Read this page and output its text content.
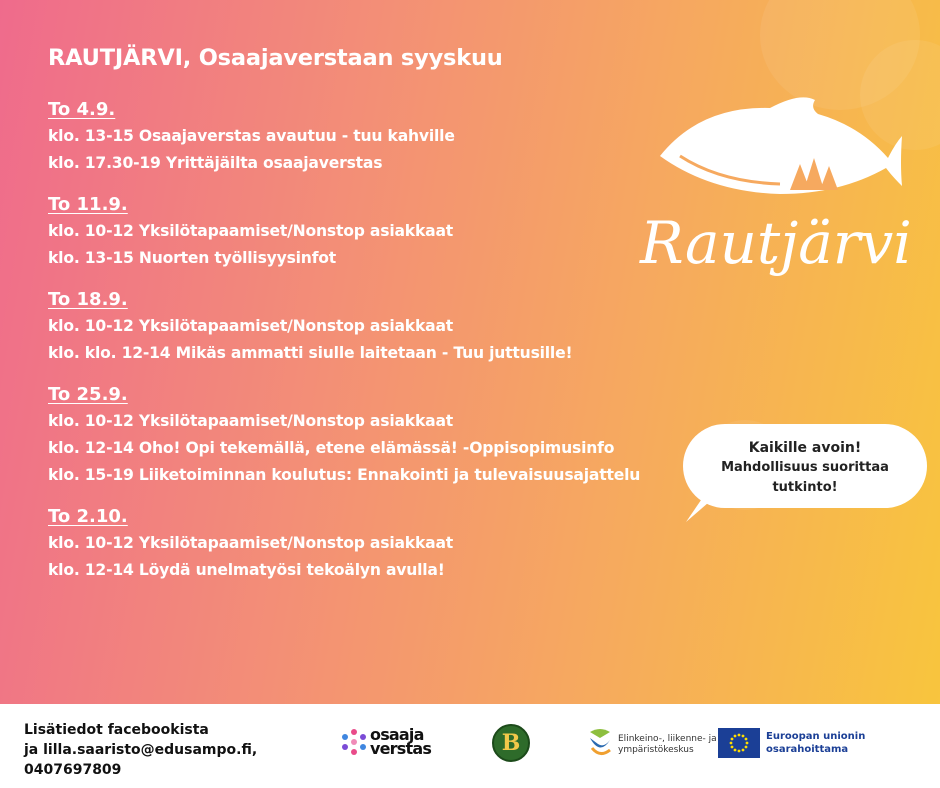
RAUTJÄRVI, Osaajaverstaan syyskuu
To 4.9.
klo. 13-15 Osaajaverstas avautuu - tuu kahville
klo. 17.30-19 Yrittäjäilta osaajaverstas
To 11.9.
klo. 10-12 Yksilötapaamiset/Nonstop asiakkaat
klo. 13-15 Nuorten työllisyysinfot
To 18.9.
klo. 10-12 Yksilötapaamiset/Nonstop asiakkaat
klo. klo. 12-14 Mikäs ammatti siulle laitetaan - Tuu juttusille!
To 25.9.
klo. 10-12 Yksilötapaamiset/Nonstop asiakkaat
klo. 12-14 Oho! Opi tekemällä, etene elämässä! -Oppisopimusinfo
klo. 15-19 Liiketoiminnan koulutus: Ennakointi ja tulevaisuusajattelu
To 2.10.
klo. 10-12 Yksilötapaamiset/Nonstop asiakkaat
klo. 12-14 Löydä unelmatyösi tekoälyn avulla!
Rautjärvi
Kaikille avoin!
Mahdollisuus suorittaa
tutkinto!
Lisätiedot facebookista
ja lilla.saaristo@edusampo.fi,
0407697809
osaaja
verstas	B	Elinkeino-, liikenne- ja
ympäristökeskus
Euroopan unionin
osarahoittama
